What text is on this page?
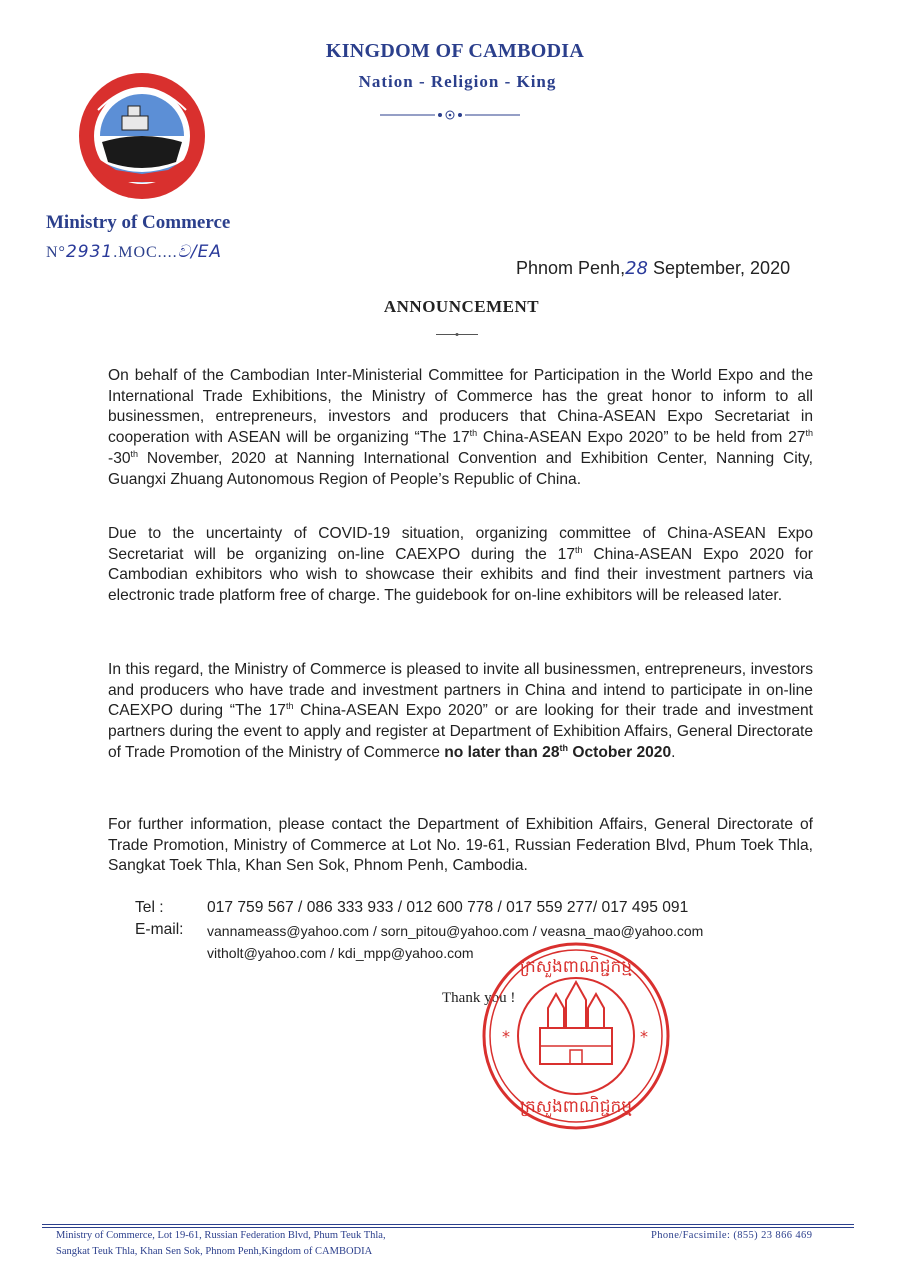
KINGDOM OF CAMBODIA
Nation - Religion - King
Ministry of Commerce
N°2931.MOC....ව/EA
Phnom Penh,28 September, 2020
ANNOUNCEMENT
On behalf of the Cambodian Inter-Ministerial Committee for Participation in the World Expo and the International Trade Exhibitions, the Ministry of Commerce has the great honor to inform to all businessmen, entrepreneurs, investors and producers that China-ASEAN Expo Secretariat in cooperation with ASEAN will be organizing “The 17th China-ASEAN Expo 2020” to be held from 27th -30th November, 2020 at Nanning International Convention and Exhibition Center, Nanning City, Guangxi Zhuang Autonomous Region of People’s Republic of China.
Due to the uncertainty of COVID-19 situation, organizing committee of China-ASEAN Expo Secretariat will be organizing on-line CAEXPO during the 17th China-ASEAN Expo 2020 for Cambodian exhibitors who wish to showcase their exhibits and find their investment partners via electronic trade platform free of charge. The guidebook for on-line exhibitors will be released later.
In this regard, the Ministry of Commerce is pleased to invite all businessmen, entrepreneurs, investors and producers who have trade and investment partners in China and intend to participate in on-line CAEXPO during “The 17th China-ASEAN Expo 2020” or are looking for their trade and investment partners during the event to apply and register at Department of Exhibition Affairs, General Directorate of Trade Promotion of the Ministry of Commerce no later than 28th October 2020.
For further information, please contact the Department of Exhibition Affairs, General Directorate of Trade Promotion, Ministry of Commerce at Lot No. 19-61, Russian Federation Blvd, Phum Toek Thla, Sangkat Toek Thla, Khan Sen Sok, Phnom Penh, Cambodia.
Tel :	017 759 567 / 086 333 933 / 012 600 778 / 017 559 277/ 017 495 091
E-mail: vannameass@yahoo.com / sorn_pitou@yahoo.com / veasna_mao@yahoo.com
vitholt@yahoo.com / kdi_mpp@yahoo.com
Thank you !
*	*
ក្រសួងពាណិជ្ជកម្ម
ក្រសួងពាណិជ្ជកម្ម
Ministry of Commerce, Lot 19-61, Russian Federation Blvd, Phum Teuk Thla,
Sangkat Teuk Thla, Khan Sen Sok, Phnom Penh,Kingdom of CAMBODIA
Phone/Facsimile: (855) 23 866 469
